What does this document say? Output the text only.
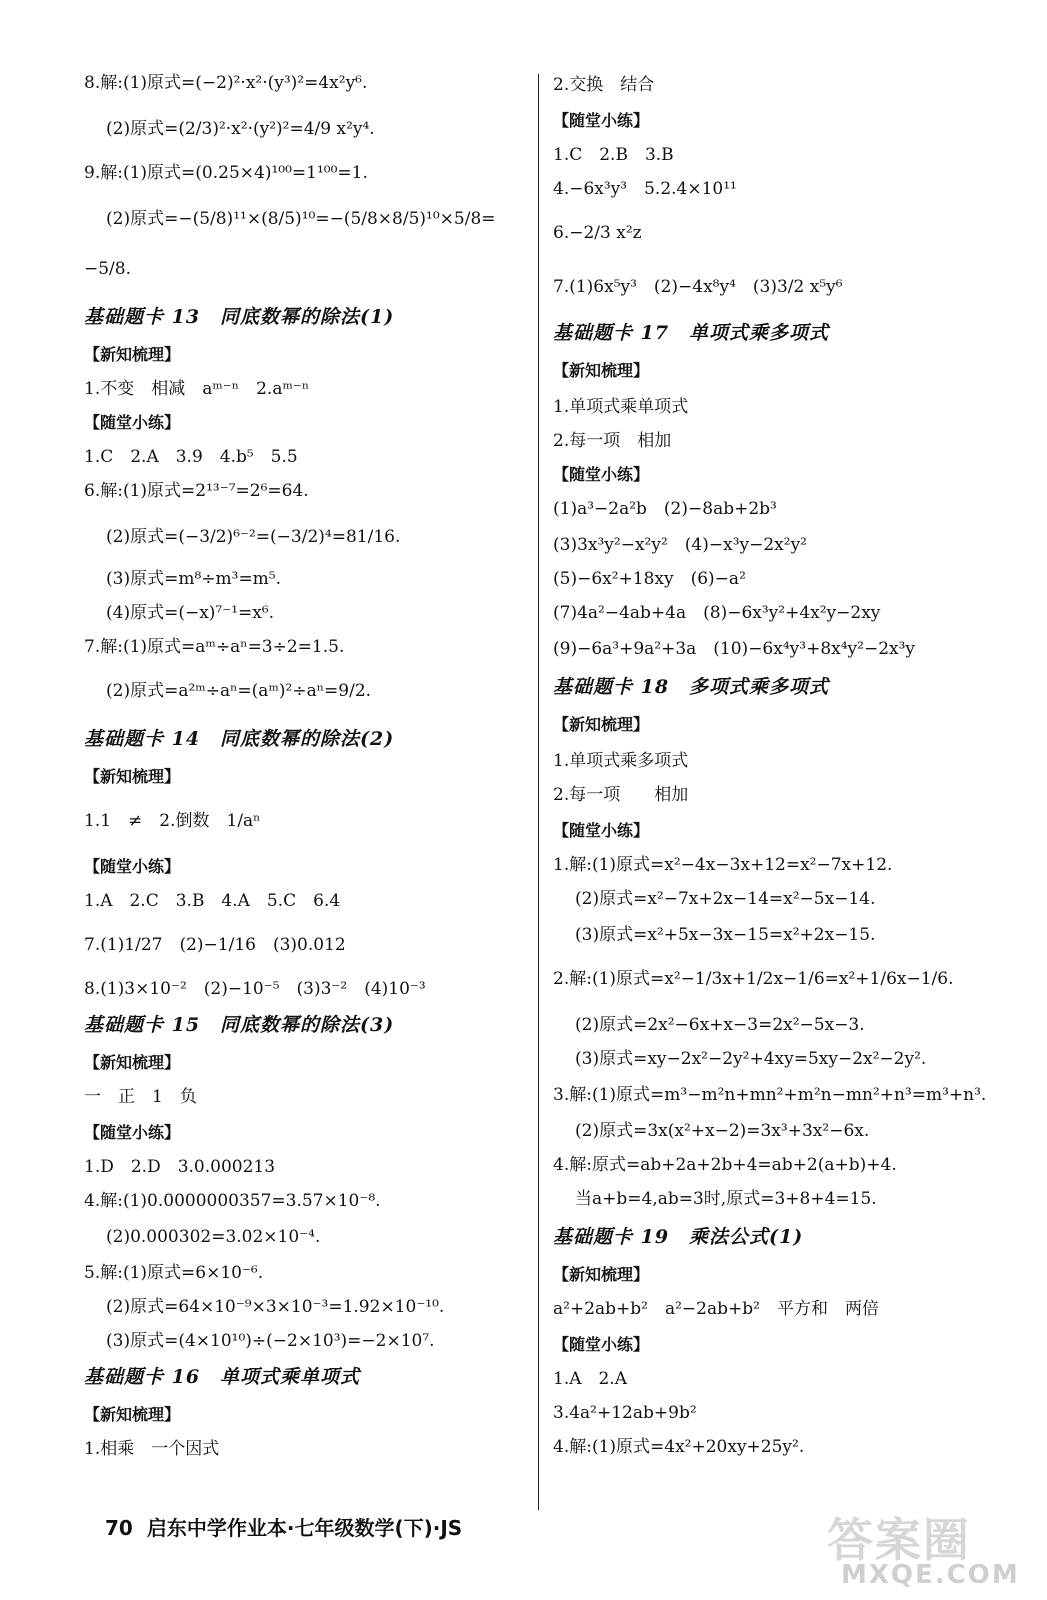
8.解:(1)原式=(−2)²·x²·(y³)²=4x²y⁶.
(2)原式=(2/3)²·x²·(y²)²=4/9 x²y⁴.
9.解:(1)原式=(0.25×4)¹⁰⁰=1¹⁰⁰=1.
(2)原式=−(5/8)¹¹×(8/5)¹⁰=−(5/8×8/5)¹⁰×5/8=
−5/8.
基础题卡 13　同底数幂的除法(1)
【新知梳理】
1.不变　相减　aᵐ⁻ⁿ　2.aᵐ⁻ⁿ
【随堂小练】
1.C　2.A　3.9　4.b⁵　5.5
6.解:(1)原式=2¹³⁻⁷=2⁶=64.
(2)原式=(−3/2)⁶⁻²=(−3/2)⁴=81/16.
(3)原式=m⁸÷m³=m⁵.
(4)原式=(−x)⁷⁻¹=x⁶.
7.解:(1)原式=aᵐ÷aⁿ=3÷2=1.5.
(2)原式=a²ᵐ÷aⁿ=(aᵐ)²÷aⁿ=9/2.
基础题卡 14　同底数幂的除法(2)
【新知梳理】
1.1　≠　2.倒数　1/aⁿ
【随堂小练】
1.A　2.C　3.B　4.A　5.C　6.4
7.(1)1/27　(2)−1/16　(3)0.012
8.(1)3×10⁻²　(2)−10⁻⁵　(3)3⁻²　(4)10⁻³
基础题卡 15　同底数幂的除法(3)
【新知梳理】
一　正　1　负
【随堂小练】
1.D　2.D　3.0.000213
4.解:(1)0.0000000357=3.57×10⁻⁸.
(2)0.000302=3.02×10⁻⁴.
5.解:(1)原式=6×10⁻⁶.
(2)原式=64×10⁻⁹×3×10⁻³=1.92×10⁻¹⁰.
(3)原式=(4×10¹⁰)÷(−2×10³)=−2×10⁷.
基础题卡 16　单项式乘单项式
【新知梳理】
1.相乘　一个因式
2.交换　结合
【随堂小练】
1.C　2.B　3.B
4.−6x³y³　5.2.4×10¹¹
6.−2/3 x²z
7.(1)6x⁵y³　(2)−4x⁸y⁴　(3)3/2 x⁵y⁶
基础题卡 17　单项式乘多项式
【新知梳理】
1.单项式乘单项式
2.每一项　相加
【随堂小练】
(1)a³−2a²b　(2)−8ab+2b³
(3)3x³y²−x²y²　(4)−x³y−2x²y²
(5)−6x²+18xy　(6)−a²
(7)4a²−4ab+4a　(8)−6x³y²+4x²y−2xy
(9)−6a³+9a²+3a　(10)−6x⁴y³+8x⁴y²−2x³y
基础题卡 18　多项式乘多项式
【新知梳理】
1.单项式乘多项式
2.每一项　　相加
【随堂小练】
1.解:(1)原式=x²−4x−3x+12=x²−7x+12.
(2)原式=x²−7x+2x−14=x²−5x−14.
(3)原式=x²+5x−3x−15=x²+2x−15.
2.解:(1)原式=x²−1/3x+1/2x−1/6=x²+1/6x−1/6.
(2)原式=2x²−6x+x−3=2x²−5x−3.
(3)原式=xy−2x²−2y²+4xy=5xy−2x²−2y².
3.解:(1)原式=m³−m²n+mn²+m²n−mn²+n³=m³+n³.
(2)原式=3x(x²+x−2)=3x³+3x²−6x.
4.解:原式=ab+2a+2b+4=ab+2(a+b)+4.
当a+b=4,ab=3时,原式=3+8+4=15.
基础题卡 19　乘法公式(1)
【新知梳理】
a²+2ab+b²　a²−2ab+b²　平方和　两倍
【随堂小练】
1.A　2.A
3.4a²+12ab+9b²
4.解:(1)原式=4x²+20xy+25y².
70 启东中学作业本·七年级数学(下)·JS	答案圈
MXQE.COM
